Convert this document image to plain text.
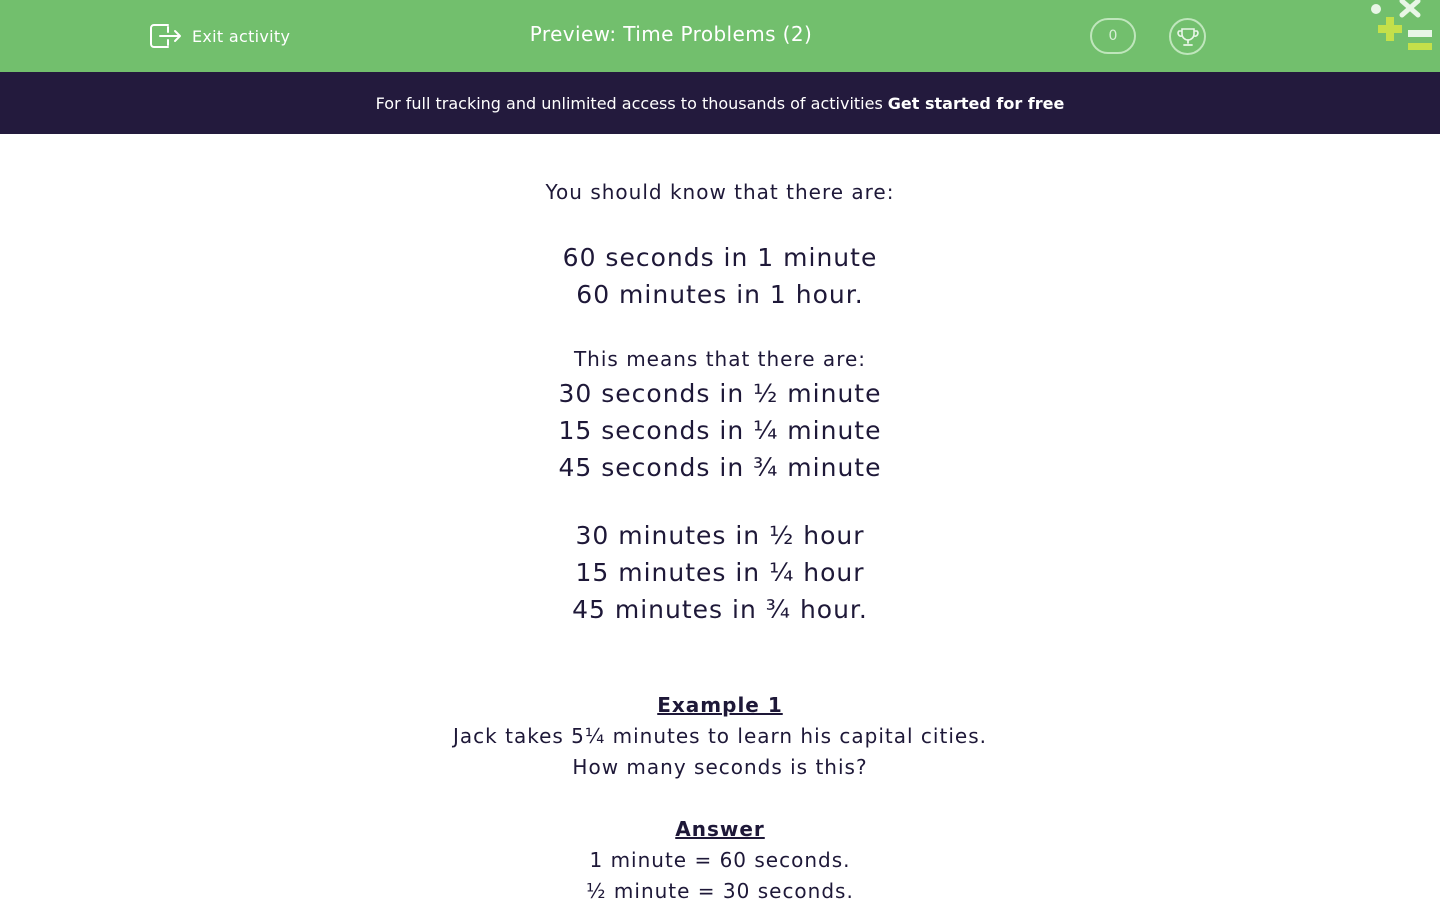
Exit activity	Preview: Time Problems (2)	0
For full tracking and unlimited access to thousands of activities Get started for free
You should know that there are:
60 seconds in 1 minute
60 minutes in 1 hour.
This means that there are:
30 seconds in ½ minute
15 seconds in ¼ minute
45 seconds in ¾ minute
30 minutes in ½ hour
15 minutes in ¼ hour
45 minutes in ¾ hour.
Example 1
Jack takes 5¼ minutes to learn his capital cities.
How many seconds is this?
Answer
1 minute = 60 seconds.
½ minute = 30 seconds.
